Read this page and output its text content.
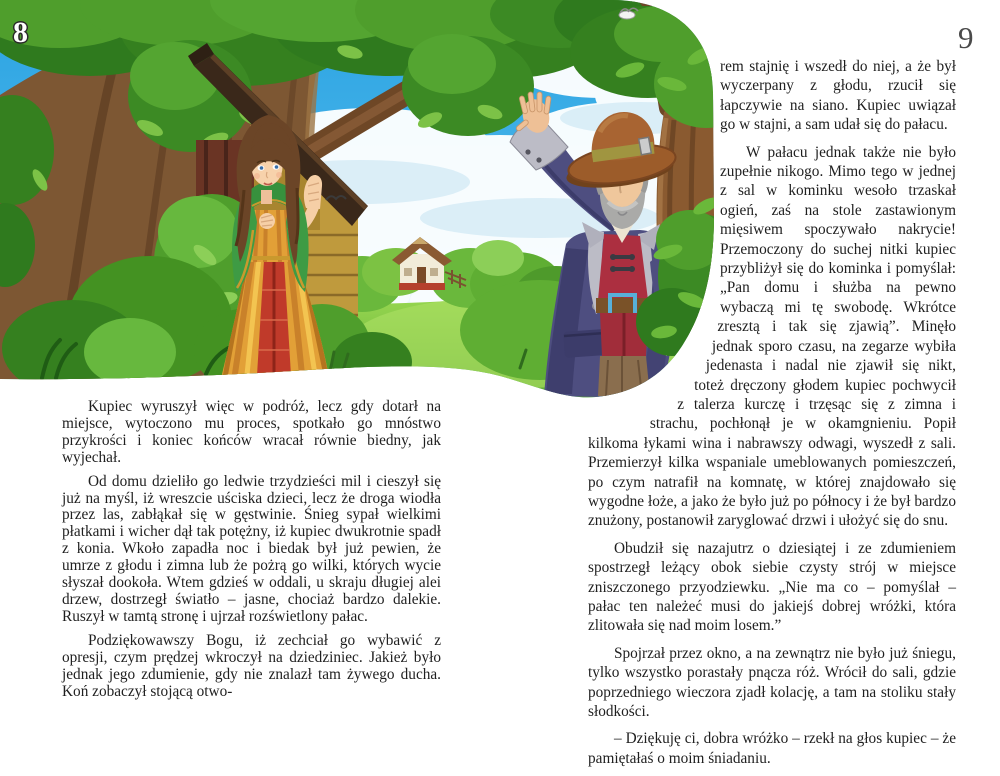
8	9

Kupiec wyruszył więc w podróż, lecz gdy dotarł na miejsce, wytoczono mu proces, spotkało go mnóstwo przykrości i koniec końców wracał równie biedny, jak wyjechał.

Od domu dzieliło go ledwie trzydzieści mil i cieszył się już na myśl, iż wreszcie uściska dzieci, lecz że droga wiodła przez las, zabłąkał się w gęstwinie. Śnieg sypał wielkimi płatkami i wicher dął tak potężny, iż kupiec dwukrotnie spadł z konia. Wkoło zapadła noc i biedak był już pewien, że umrze z głodu i zimna lub że pożrą go wilki, których wycie słyszał dookoła. Wtem gdzieś w oddali, u skraju długiej alei drzew, dostrzegł światło – jasne, chociaż bardzo dalekie. Ruszył w tamtą stronę i ujrzał rozświetlony pałac.

Podziękowawszy Bogu, iż zechciał go wybawić z opresji, czym prędzej wkroczył na dziedziniec. Jakież było jednak jego zdumienie, gdy nie znalazł tam żywego ducha. Koń zobaczył stojącą otwo-

rem stajnię i wszedł do niej, a że był wyczerpany z głodu, rzucił się łapczywie na siano. Kupiec uwiązał go w stajni, a sam udał się do pałacu.

W pałacu jednak także nie było zupełnie nikogo. Mimo tego w jednej z sal w kominku wesoło trzaskał ogień, zaś na stole zastawionym mięsiwem spoczywało nakrycie! Przemoczony do suchej nitki kupiec przybliżył się do kominka i pomyślał: „Pan domu i służba na pewno wybaczą mi tę swobodę. Wkrótce zresztą i tak się zjawią”. Minęło jednak sporo czasu, na zegarze wybiła jedenasta i nadal nie zjawił się nikt, toteż dręczony głodem kupiec pochwycił z talerza kurczę i trzęsąc się z zimna i strachu, pochłonął je w okamgnieniu. Popił kilkoma łykami wina i nabrawszy odwagi, wyszedł z sali. Przemierzył kilka wspaniale umeblowanych pomieszczeń, po czym natrafił na komnatę, w której znajdowało się wygodne łoże, a jako że było już po północy i że był bardzo znużony, postanowił zaryglować drzwi i ułożyć się do snu.

Obudził się nazajutrz o dziesiątej i ze zdumieniem spostrzegł leżący obok siebie czysty strój w miejsce zniszczonego przyodziewku. „Nie ma co – pomyślał – pałac ten należeć musi do jakiejś dobrej wróżki, która zlitowała się nad moim losem.”

Spojrzał przez okno, a na zewnątrz nie było już śniegu, tylko wszystko porastały pnącza róż. Wrócił do sali, gdzie poprzedniego wieczora zjadł kolację, a tam na stoliku stały słodkości.

– Dziękuję ci, dobra wróżko – rzekł na głos kupiec – że pamiętałaś o moim śniadaniu.
